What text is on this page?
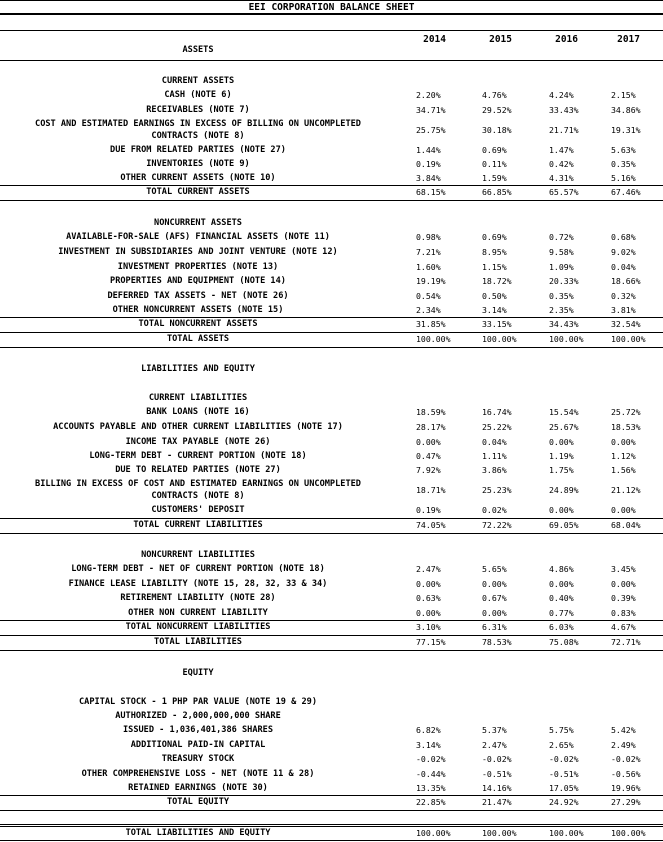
EEI CORPORATION BALANCE SHEET
2014	2015	2016	2017
ASSETS
CURRENT ASSETS
CASH (NOTE 6)	2.20%	4.76%	4.24%	2.15%
RECEIVABLES (NOTE 7)	34.71%	29.52%	33.43%	34.86%
COST AND ESTIMATED EARNINGS IN EXCESS OF BILLING ON UNCOMPLETED
CONTRACTS (NOTE 8)
25.75%	30.18%	21.71%	19.31%
DUE FROM RELATED PARTIES (NOTE 27)	1.44%	0.69%	1.47%	5.63%
INVENTORIES (NOTE 9)	0.19%	0.11%	0.42%	0.35%
OTHER CURRENT ASSETS (NOTE 10)	3.84%	1.59%	4.31%	5.16%
TOTAL CURRENT ASSETS	68.15%	66.85%	65.57%	67.46%
NONCURRENT ASSETS
AVAILABLE-FOR-SALE (AFS) FINANCIAL ASSETS (NOTE 11)	0.98%	0.69%	0.72%	0.68%
INVESTMENT IN SUBSIDIARIES AND JOINT VENTURE (NOTE 12)	7.21%	8.95%	9.58%	9.02%
INVESTMENT PROPERTIES (NOTE 13)	1.60%	1.15%	1.09%	0.04%
PROPERTIES AND EQUIPMENT (NOTE 14)	19.19%	18.72%	20.33%	18.66%
DEFERRED TAX ASSETS - NET (NOTE 26)	0.54%	0.50%	0.35%	0.32%
OTHER NONCURRENT ASSETS (NOTE 15)	2.34%	3.14%	2.35%	3.81%
TOTAL NONCURRENT ASSETS	31.85%	33.15%	34.43%	32.54%
TOTAL ASSETS	100.00%	100.00%	100.00%	100.00%
LIABILITIES AND EQUITY
CURRENT LIABILITIES
BANK LOANS (NOTE 16)	18.59%	16.74%	15.54%	25.72%
ACCOUNTS PAYABLE AND OTHER CURRENT LIABILITIES (NOTE 17)	28.17%	25.22%	25.67%	18.53%
INCOME TAX PAYABLE (NOTE 26)	0.00%	0.04%	0.00%	0.00%
LONG-TERM DEBT - CURRENT PORTION (NOTE 18)	0.47%	1.11%	1.19%	1.12%
DUE TO RELATED PARTIES (NOTE 27)	7.92%	3.86%	1.75%	1.56%
BILLING IN EXCESS OF COST AND ESTIMATED EARNINGS ON UNCOMPLETED
CONTRACTS (NOTE 8)
18.71%	25.23%	24.89%	21.12%
CUSTOMERS' DEPOSIT	0.19%	0.02%	0.00%	0.00%
TOTAL CURRENT LIABILITIES	74.05%	72.22%	69.05%	68.04%
NONCURRENT LIABILITIES
LONG-TERM DEBT - NET OF CURRENT PORTION (NOTE 18)	2.47%	5.65%	4.86%	3.45%
FINANCE LEASE LIABILITY (NOTE 15, 28, 32, 33 & 34)	0.00%	0.00%	0.00%	0.00%
RETIREMENT LIABILITY (NOTE 28)	0.63%	0.67%	0.40%	0.39%
OTHER NON CURRENT LIABILITY	0.00%	0.00%	0.77%	0.83%
TOTAL NONCURRENT LIABILITIES	3.10%	6.31%	6.03%	4.67%
TOTAL LIABILITIES	77.15%	78.53%	75.08%	72.71%
EQUITY
CAPITAL STOCK - 1 PHP PAR VALUE (NOTE 19 & 29)
AUTHORIZED - 2,000,000,000 SHARE
ISSUED - 1,036,401,386 SHARES	6.82%	5.37%	5.75%	5.42%
ADDITIONAL PAID-IN CAPITAL	3.14%	2.47%	2.65%	2.49%
TREASURY STOCK	-0.02%	-0.02%	-0.02%	-0.02%
OTHER COMPREHENSIVE LOSS - NET (NOTE 11 & 28)	-0.44%	-0.51%	-0.51%	-0.56%
RETAINED EARNINGS (NOTE 30)	13.35%	14.16%	17.05%	19.96%
TOTAL EQUITY	22.85%	21.47%	24.92%	27.29%
TOTAL LIABILITIES AND EQUITY	100.00%	100.00%	100.00%	100.00%
